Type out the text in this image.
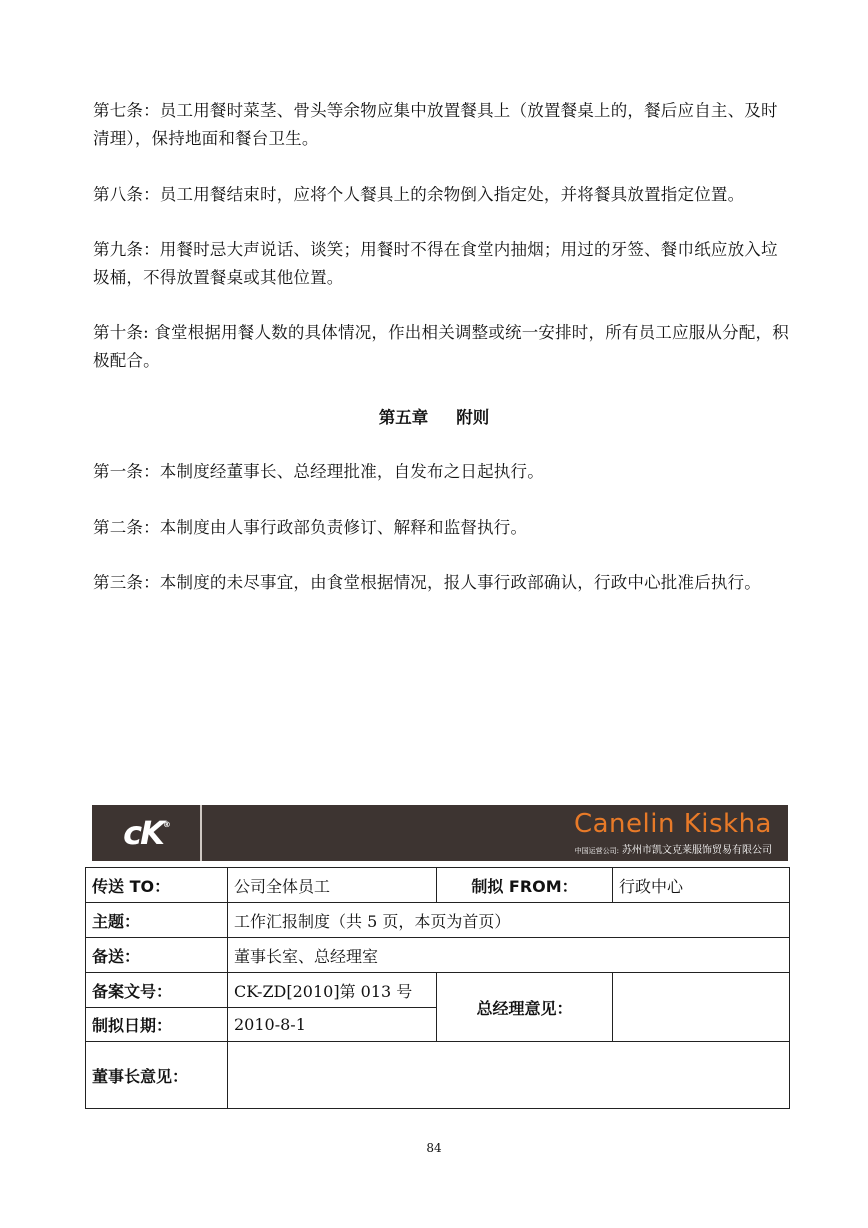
第七条：员工用餐时菜茎、骨头等余物应集中放置餐具上（放置餐桌上的，餐后应自主、及时清理），保持地面和餐台卫生。

第八条：员工用餐结束时，应将个人餐具上的余物倒入指定处，并将餐具放置指定位置。

第九条：用餐时忌大声说话、谈笑；用餐时不得在食堂内抽烟；用过的牙签、餐巾纸应放入垃圾桶，不得放置餐桌或其他位置。

第十条: 食堂根据用餐人数的具体情况，作出相关调整或统一安排时，所有员工应服从分配，积极配合。

第五章 附则

第一条：本制度经董事长、总经理批准，自发布之日起执行。

第二条：本制度由人事行政部负责修订、解释和监督执行。

第三条：本制度的未尽事宜，由食堂根据情况，报人事行政部确认，行政中心批准后执行。

cK®	Canelin Kiskha
中国运营公司: 苏州市凯文克莱服饰贸易有限公司
传送 TO：	公司全体员工	制拟 FROM：	行政中心
主题：	工作汇报制度（共 5 页，本页为首页）		
备送：	董事长室、总经理室		
备案文号：	CK-ZD[2010]第 013 号	总经理意见：	
制拟日期：	2010-8-1		
董事长意见：			
84
